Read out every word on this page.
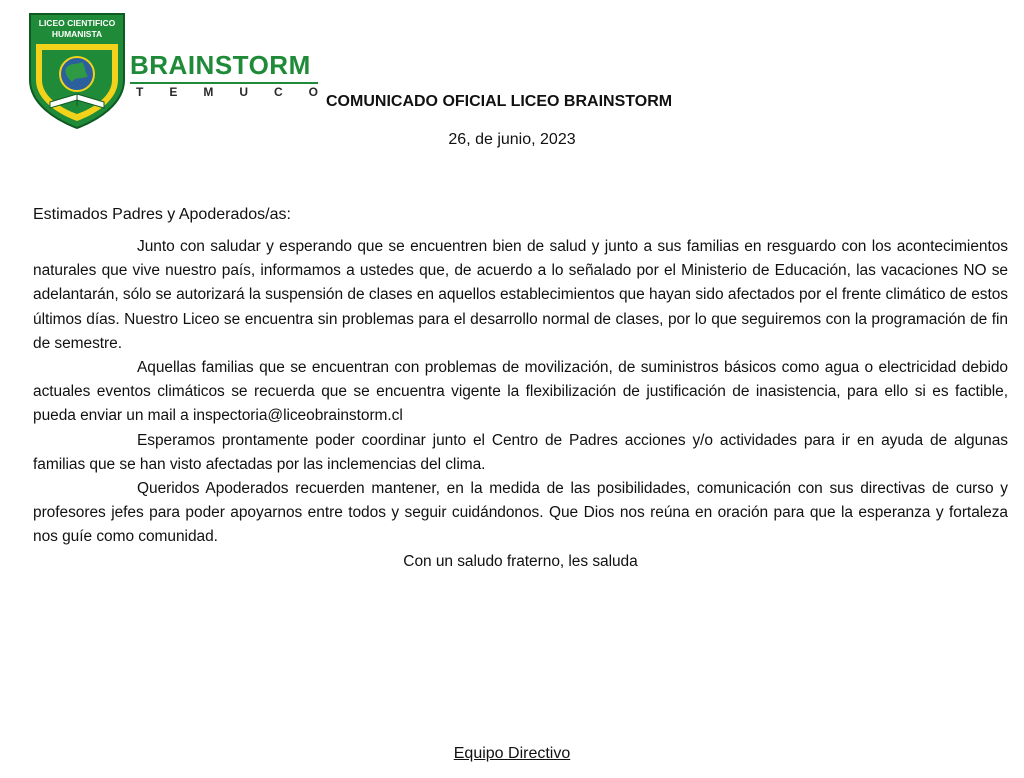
LICEO CIENTIFICO
HUMANISTA
BRAINSTORM
T E M U C O
COMUNICADO OFICIAL LICEO BRAINSTORM
26, de junio, 2023
Estimados Padres y Apoderados/as:

Junto con saludar y esperando que se encuentren bien de salud y junto a sus familias en resguardo con los acontecimientos naturales que vive nuestro país, informamos a ustedes que, de acuerdo a lo señalado por el Ministerio de Educación, las vacaciones NO se adelantarán, sólo se autorizará la suspensión de clases en aquellos establecimientos que hayan sido afectados por el frente climático de estos últimos días. Nuestro Liceo se encuentra sin problemas para el desarrollo normal de clases, por lo que seguiremos con la programación de fin de semestre.

Aquellas familias que se encuentran con problemas de movilización, de suministros básicos como agua o electricidad debido actuales eventos climáticos se recuerda que se encuentra vigente la flexibilización de justificación de inasistencia, para ello si es factible, pueda enviar un mail a inspectoria@liceobrainstorm.cl

Esperamos prontamente poder coordinar junto el Centro de Padres acciones y/o actividades para ir en ayuda de algunas familias que se han visto afectadas por las inclemencias del clima.

Queridos Apoderados recuerden mantener, en la medida de las posibilidades, comunicación con sus directivas de curso y profesores jefes para poder apoyarnos entre todos y seguir cuidándonos. Que Dios nos reúna en oración para que la esperanza y fortaleza nos guíe como comunidad.

Con un saludo fraterno, les saluda

Equipo Directivo
